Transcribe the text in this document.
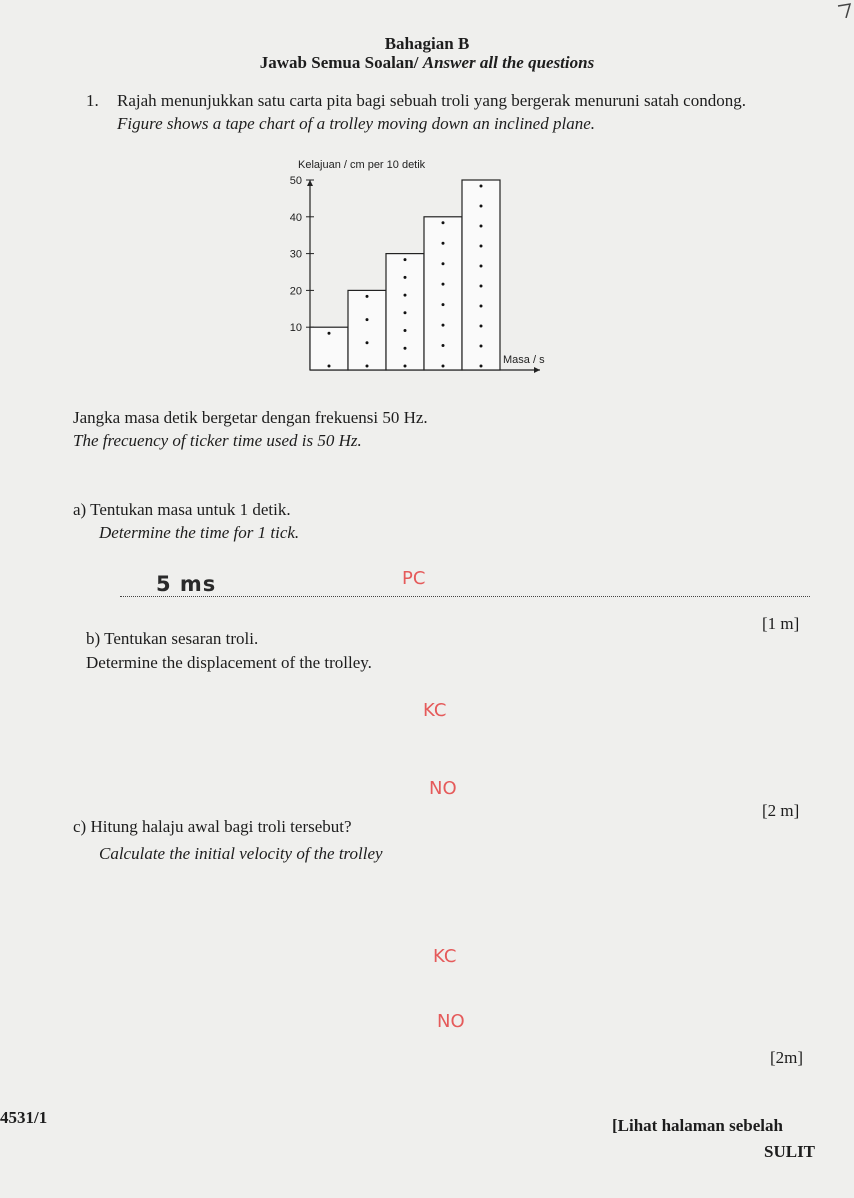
Bahagian B
Jawab Semua Soalan/ Answer all the questions
1. Rajah menunjukkan satu carta pita bagi sebuah troli yang bergerak menuruni satah condong.
Figure shows a tape chart of a trolley moving down an inclined plane.
Kelajuan / cm per 10 detik
10
20
30
40
50
Masa / s
Jangka masa detik bergetar dengan frekuensi 50 Hz.
The frecuency of ticker time used is 50 Hz.
a) Tentukan masa untuk 1 detik.
Determine the time for 1 tick.
5 ms	PC
[1 m]
b) Tentukan sesaran troli.
Determine the displacement of the trolley.
KC
NO
[2 m]
c) Hitung halaju awal bagi troli tersebut?
Calculate the initial velocity of the trolley
KC
NO
[2m]
4531/1	[Lihat halaman sebelah
SULIT
